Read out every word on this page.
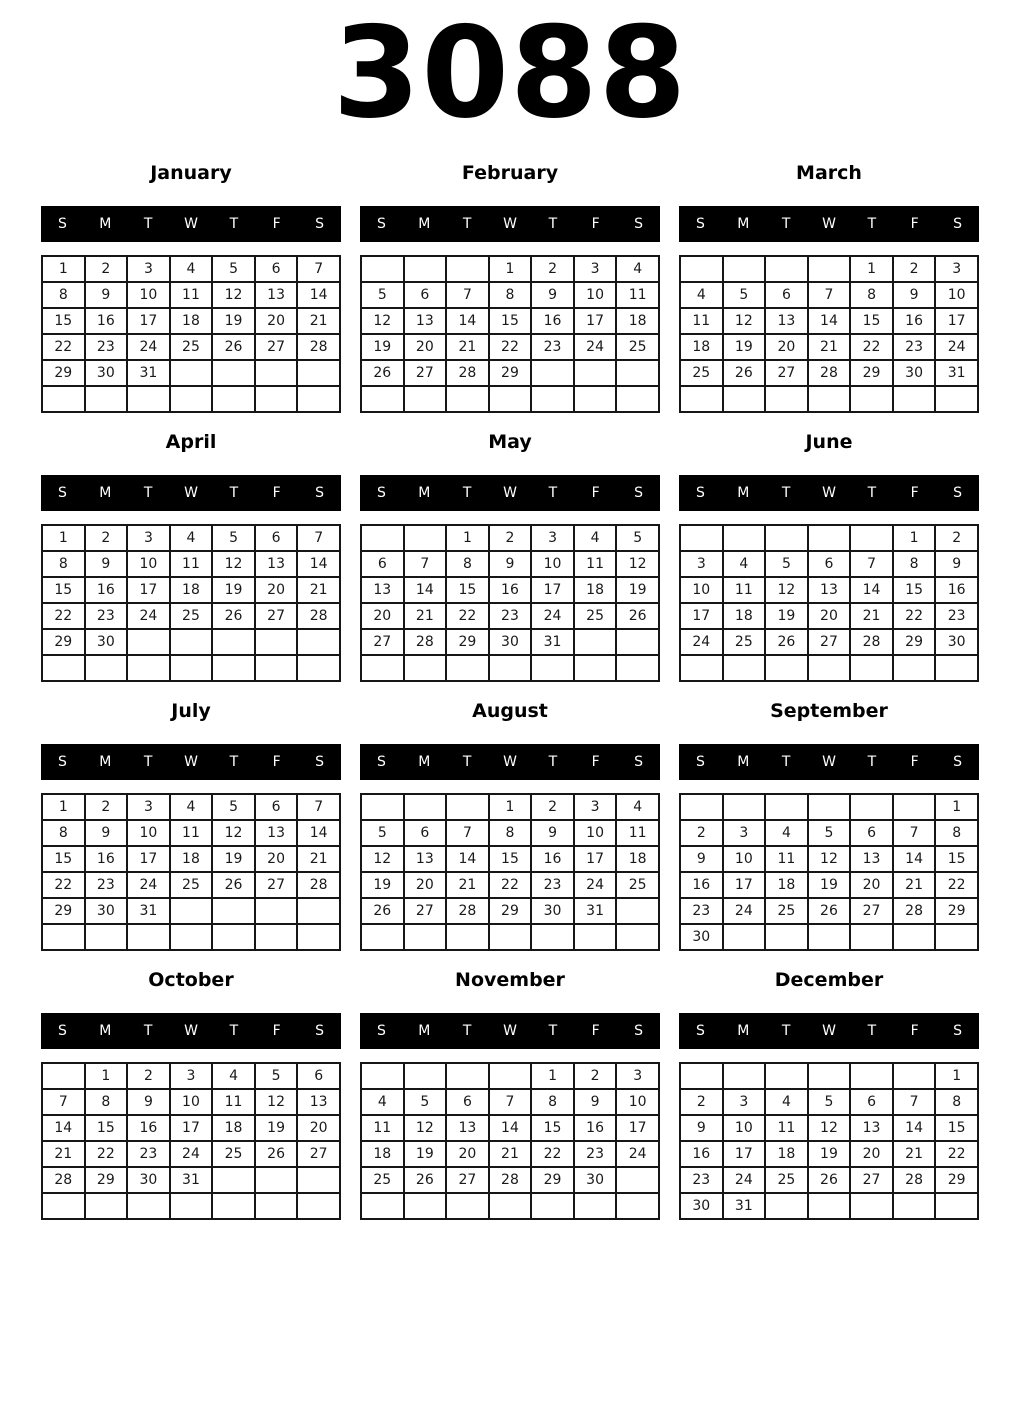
3088
January
S	M	T	W	T	F	S
1	2	3	4	5	6	7
8	9	10	11	12	13	14
15	16	17	18	19	20	21
22	23	24	25	26	27	28
29	30	31				

February
S	M	T	W	T	F	S
			1	2	3	4
5	6	7	8	9	10	11
12	13	14	15	16	17	18
19	20	21	22	23	24	25
26	27	28	29			

March
S	M	T	W	T	F	S
				1	2	3
4	5	6	7	8	9	10
11	12	13	14	15	16	17
18	19	20	21	22	23	24
25	26	27	28	29	30	31

April
S	M	T	W	T	F	S
1	2	3	4	5	6	7
8	9	10	11	12	13	14
15	16	17	18	19	20	21
22	23	24	25	26	27	28
29	30					

May
S	M	T	W	T	F	S
		1	2	3	4	5
6	7	8	9	10	11	12
13	14	15	16	17	18	19
20	21	22	23	24	25	26
27	28	29	30	31		

June
S	M	T	W	T	F	S
					1	2
3	4	5	6	7	8	9
10	11	12	13	14	15	16
17	18	19	20	21	22	23
24	25	26	27	28	29	30

July
S	M	T	W	T	F	S
1	2	3	4	5	6	7
8	9	10	11	12	13	14
15	16	17	18	19	20	21
22	23	24	25	26	27	28
29	30	31				

August
S	M	T	W	T	F	S
			1	2	3	4
5	6	7	8	9	10	11
12	13	14	15	16	17	18
19	20	21	22	23	24	25
26	27	28	29	30	31	

September
S	M	T	W	T	F	S
						1
2	3	4	5	6	7	8
9	10	11	12	13	14	15
16	17	18	19	20	21	22
23	24	25	26	27	28	29
30						
October
S	M	T	W	T	F	S
	1	2	3	4	5	6
7	8	9	10	11	12	13
14	15	16	17	18	19	20
21	22	23	24	25	26	27
28	29	30	31			

November
S	M	T	W	T	F	S
				1	2	3
4	5	6	7	8	9	10
11	12	13	14	15	16	17
18	19	20	21	22	23	24
25	26	27	28	29	30	

December
S	M	T	W	T	F	S
						1
2	3	4	5	6	7	8
9	10	11	12	13	14	15
16	17	18	19	20	21	22
23	24	25	26	27	28	29
30	31					
